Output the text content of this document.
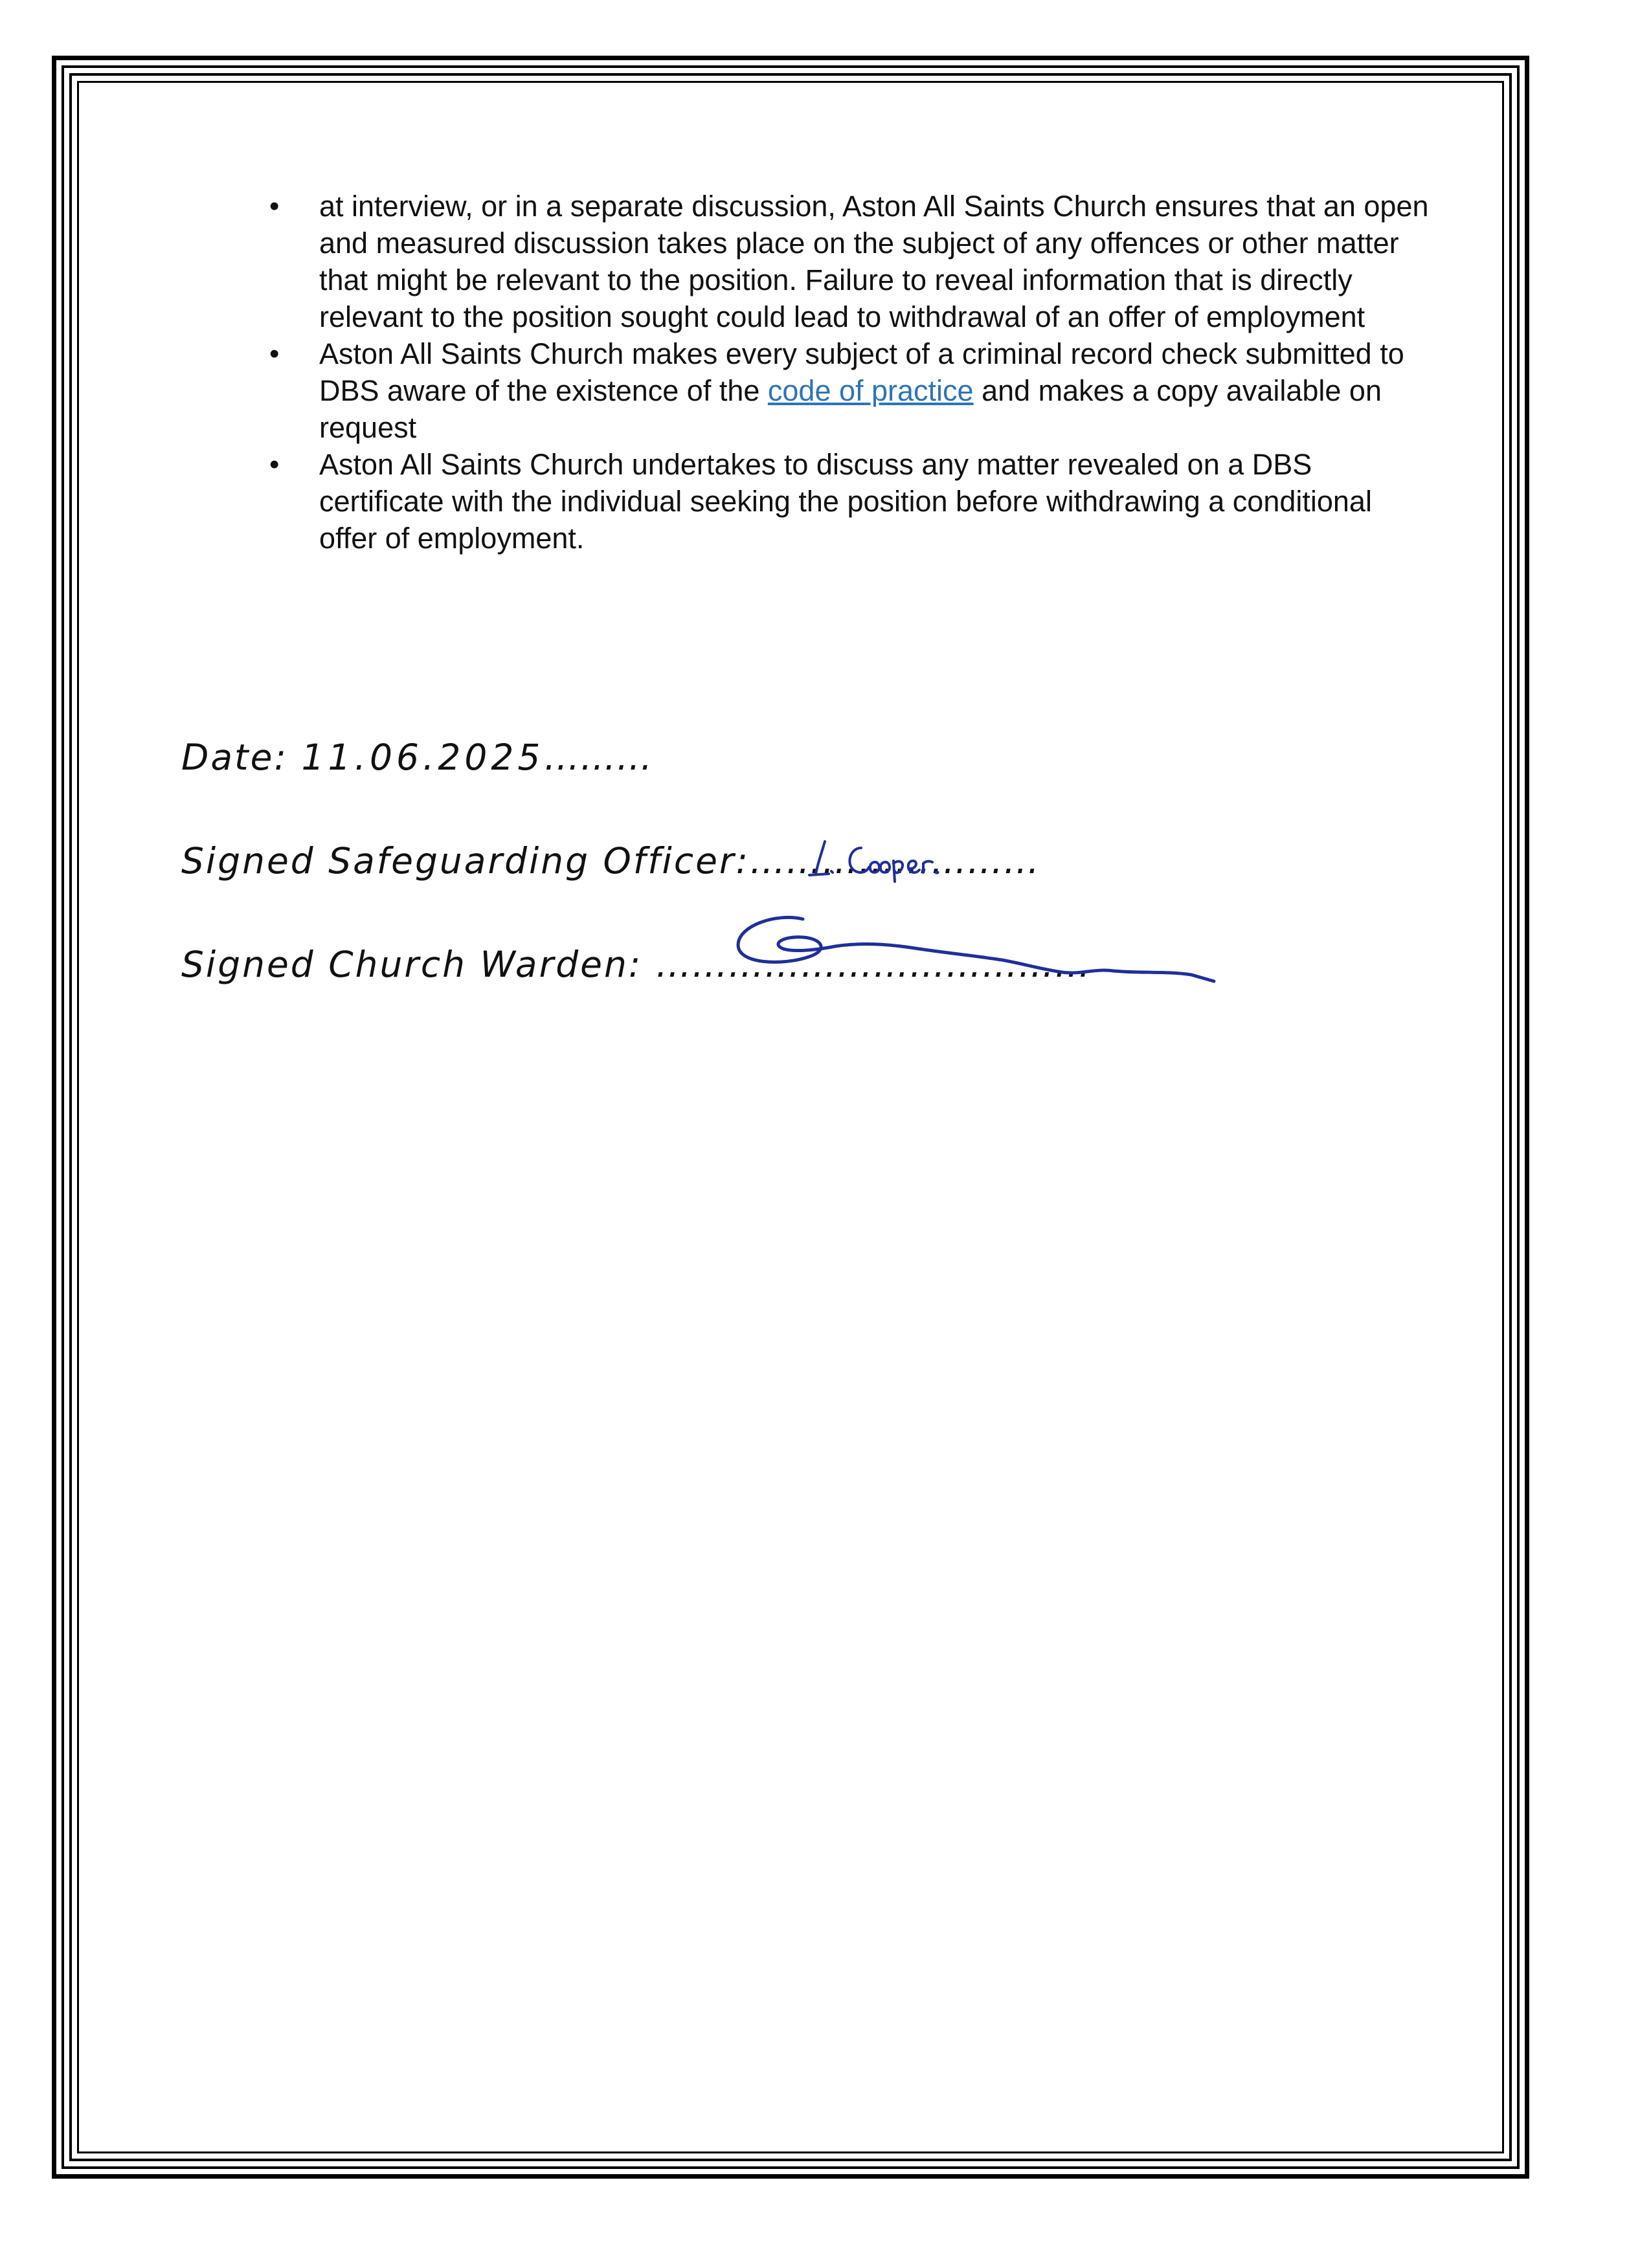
• at interview, or in a separate discussion, Aston All Saints Church ensures that an open and measured discussion takes place on the subject of any offences or other matter that might be relevant to the position. Failure to reveal information that is directly relevant to the position sought could lead to withdrawal of an offer of employment
• Aston All Saints Church makes every subject of a criminal record check submitted to DBS aware of the existence of the code of practice and makes a copy available on request
• Aston All Saints Church undertakes to discuss any matter revealed on a DBS certificate with the individual seeking the position before withdrawing a conditional offer of employment.
Date: 11.06.2025………
Signed Safeguarding Officer:……………………
Signed Church Warden: ………………………………
